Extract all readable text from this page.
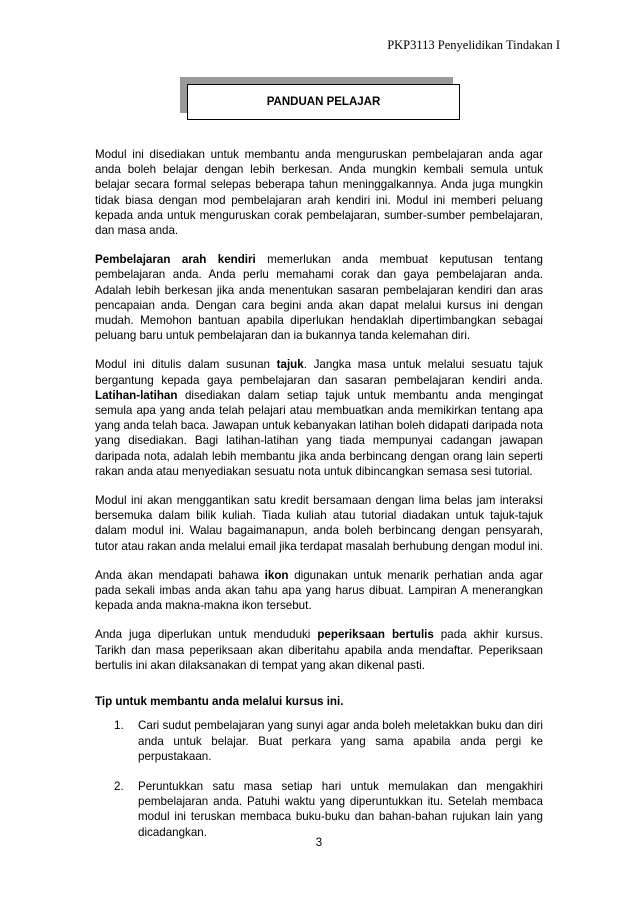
PKP3113 Penyelidikan Tindakan I
PANDUAN PELAJAR

Modul ini disediakan untuk membantu anda menguruskan pembelajaran anda agar anda boleh belajar dengan lebih berkesan. Anda mungkin kembali semula untuk belajar secara formal selepas beberapa tahun meninggalkannya. Anda juga mungkin tidak biasa dengan mod pembelajaran arah kendiri ini. Modul ini memberi peluang kepada anda untuk menguruskan corak pembelajaran, sumber-sumber pembelajaran, dan masa anda.

Pembelajaran arah kendiri memerlukan anda membuat keputusan tentang pembelajaran anda. Anda perlu memahami corak dan gaya pembelajaran anda. Adalah lebih berkesan jika anda menentukan sasaran pembelajaran kendiri dan aras pencapaian anda. Dengan cara begini anda akan dapat melalui kursus ini dengan mudah. Memohon bantuan apabila diperlukan hendaklah dipertimbangkan sebagai peluang baru untuk pembelajaran dan ia bukannya tanda kelemahan diri.

Modul ini ditulis dalam susunan tajuk. Jangka masa untuk melalui sesuatu tajuk bergantung kepada gaya pembelajaran dan sasaran pembelajaran kendiri anda. Latihan-latihan disediakan dalam setiap tajuk untuk membantu anda mengingat semula apa yang anda telah pelajari atau membuatkan anda memikirkan tentang apa yang anda telah baca. Jawapan untuk kebanyakan latihan boleh didapati daripada nota yang disediakan. Bagi latihan-latihan yang tiada mempunyai cadangan jawapan daripada nota, adalah lebih membantu jika anda berbincang dengan orang lain seperti rakan anda atau menyediakan sesuatu nota untuk dibincangkan semasa sesi tutorial.

Modul ini akan menggantikan satu kredit bersamaan dengan lima belas jam interaksi bersemuka dalam bilik kuliah. Tiada kuliah atau tutorial diadakan untuk tajuk-tajuk dalam modul ini. Walau bagaimanapun, anda boleh berbincang dengan pensyarah, tutor atau rakan anda melalui email jika terdapat masalah berhubung dengan modul ini.

Anda akan mendapati bahawa ikon digunakan untuk menarik perhatian anda agar pada sekali imbas anda akan tahu apa yang harus dibuat. Lampiran A menerangkan kepada anda makna-makna ikon tersebut.

Anda juga diperlukan untuk menduduki peperiksaan bertulis pada akhir kursus. Tarikh dan masa peperiksaan akan diberitahu apabila anda mendaftar. Peperiksaan bertulis ini akan dilaksanakan di tempat yang akan dikenal pasti.

Tip untuk membantu anda melalui kursus ini.
1. Cari sudut pembelajaran yang sunyi agar anda boleh meletakkan buku dan diri anda untuk belajar. Buat perkara yang sama apabila anda pergi ke perpustakaan.
2. Peruntukkan satu masa setiap hari untuk memulakan dan mengakhiri pembelajaran anda. Patuhi waktu yang diperuntukkan itu. Setelah membaca modul ini teruskan membaca buku-buku dan bahan-bahan rujukan lain yang dicadangkan.
3
